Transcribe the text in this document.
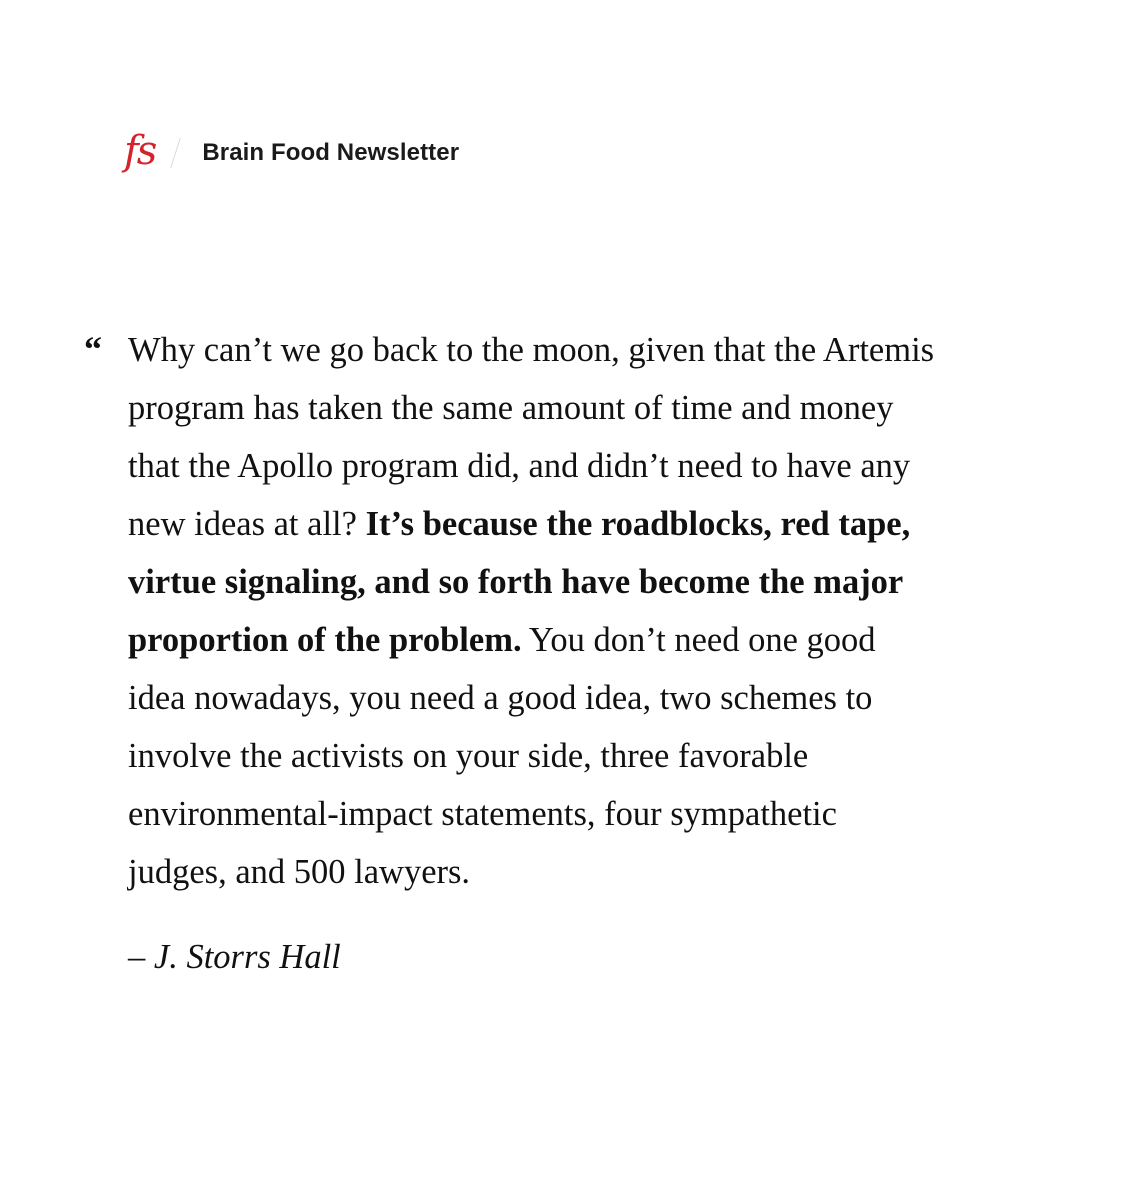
fs Brain Food Newsletter
“ Why can’t we go back to the moon, given that the Artemis
program has taken the same amount of time and money
that the Apollo program did, and didn’t need to have any
new ideas at all? It’s because the roadblocks, red tape,
virtue signaling, and so forth have become the major
proportion of the problem. You don’t need one good
idea nowadays, you need a good idea, two schemes to
involve the activists on your side, three favorable
environmental-impact statements, four sympathetic
judges, and 500 lawyers.

– J. Storrs Hall
